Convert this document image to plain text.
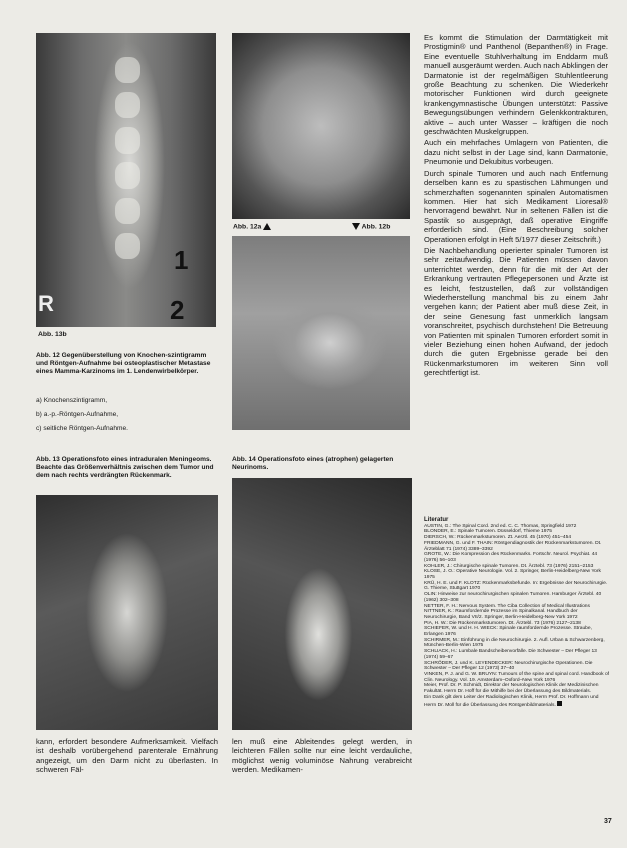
1
2
R
Abb. 13b

Abb. 12 Gegenüberstellung von Knochen-szintigramm und Röntgen-Aufnahme bei osteoplastischer Metastase eines Mamma-Karzinoms im 1. Lendenwirbelkörper.

a) Knochenszintigramm,

b) a.-p.-Röntgen-Aufnahme,

c) seitliche Röntgen-Aufnahme.

Abb. 13 Operationsfoto eines intraduralen Meningeoms. Beachte das Größenverhältnis zwischen dem Tumor und dem nach rechts verdrängten Rückenmark.

Abb. 12a	Abb. 12b

Abb. 14 Operationsfoto eines (atrophen) gelagerten Neurinoms.

kann, erfordert besondere Aufmerksamkeit. Vielfach ist deshalb vorübergehend parenterale Ernährung angezeigt, um den Darm nicht zu überlasten. In schweren Fäl-
len muß eine Ableitendes gelegt werden, in leichteren Fällen sollte nur eine leicht verdauliche, möglichst wenig voluminöse Nahrung verabreicht werden. Medikamen-

Es kommt die Stimulation der Darmtätigkeit mit Prostigmin® und Panthenol (Bepanthen®) in Frage. Eine eventuelle Stuhlverhaltung im Enddarm muß manuell ausgeräumt werden. Auch nach Abklingen der Darmatonie ist der regelmäßigen Stuhlentleerung große Beachtung zu schenken. Die Wiederkehr motorischer Funktionen wird durch geeignete krankengymnastische Übungen unterstützt: Passive Bewegungsübungen verhindern Gelenkkontrakturen, aktive – auch unter Wasser – kräftigen die noch geschwächten Muskelgruppen.

Auch ein mehrfaches Umlagern von Patienten, die dazu nicht selbst in der Lage sind, kann Darmatonie, Pneumonie und Dekubitus vorbeugen.

Durch spinale Tumoren und auch nach Entfernung derselben kann es zu spastischen Lähmungen und schmerzhaften sogenannten spinalen Automatismen kommen. Hier hat sich Medikament Lioresal® hervorragend bewährt. Nur in seltenen Fällen ist die Spastik so ausgeprägt, daß operative Eingriffe erforderlich sind. (Eine Beschreibung solcher Operationen erfolgt in Heft 5/1977 dieser Zeitschrift.)

Die Nachbehandlung operierter spinaler Tumoren ist sehr zeitaufwendig. Die Patienten müssen davon unterrichtet werden, denn für die mit der Art der Erkrankung vertrauten Pflegepersonen und Ärzte ist es leicht, festzustellen, daß zur vollständigen Wiederherstellung manchmal bis zu einem Jahr vergehen kann; der Patient aber muß diese Zeit, in der seine Genesung fast unmerklich langsam voranschreitet, psychisch durchstehen! Die Betreuung von Patienten mit spinalen Tumoren erfordert somit in vieler Beziehung einen hohen Aufwand, der jedoch durch die guten Ergebnisse gerade bei den Rückenmarkstumoren im weiteren Sinn voll gerechtfertigt ist.

Literatur
AUSTIN, G.: The Spinal Cord. 2nd ed. C. C. Thomas, Springfield 1972
BLONDER, E.: Spinale Tumoren. Düsseldorf, Thieme 1975
DIERSCH, W.: Rückenmarkstumoren. Zt. Aerztl. 45 (1970) 451–454
FRIEDMANN, G. und F. THAIN: Röntgendiagnostik der Rückenmarkstumoren. Dt. Ärzteblatt 71 (1974) 3389–3392
GROTE, W.: Die Kompression des Rückenmarks. Fortschr. Neurol. Psychiat. 44 (1976) 56–103
KOHLER, J.: Chirurgische spinale Tumoren. Dt. Ärztebl. 73 (1976) 2151–2153
KLOSE, J. O.: Operative Neurologie. Vol. 2. Springer, Berlin-Heidelberg-New York 1975
KRÜ, H. E. und F. KLOTZ: Rückenmarksbefunde. In: Ergebnisse der Neurochirurgie. G. Thieme, Stuttgart 1970
OLIN: Hinweise zur neurochirurgischen spinalen Tumoren. Hamburger Ärztebl. 40 (1962) 302–308
NETTER, F. H.: Nervous System. The Ciba Collection of Medical Illustrations
NITTNER, K.: Raumfordernde Prozesse im Spinalkanal. Handbuch der Neurochirurgie, Band VII/2. Springer, Berlin-Heidelberg-New York 1972
PIA, H. W.: Die Rückenmarkstumoren. Dt. Ärztebl. 73 (1976) 2127–2138
SCHIEFER, W. und H. H. WIECK: Spinale raumfordernde Prozesse. Straube, Erlangen 1976
SCHIRMER, M.: Einführung in die Neurochirurgie. 2. Aufl. Urban & Schwarzenberg, München-Berlin-Wien 1975
SCHLIACK, H.: Lumbale Bandscheibenvorfälle. Die Schwester – Der Pfleger 13 (1974) 59–67
SCHRÖDER, J. und K. LEYENDECKER: Neurochirurgische Operationen. Die Schwester – Der Pfleger 12 (1973) 37–40
VINKEN, P. J. and G. W. BRUYN: Tumours of the spine and spinal cord. Handbook of Clin. Neurology. Vol. 19. Amsterdam–Oxford–New York 1976
Meier, Prof. Dr. P. Schmidt, Direktor der Neurologischen Klinik der Medizinischen Fakultät. Herrn Dr. Hoff für die Mithilfe bei der Überlassung des Bildmaterials.
Ein Dank gilt dem Leiter der Radiologischen Klinik, Herrn Prof. Dr. Hoffmann und Herrn Dr. Moll für die Überlassung des Röntgenbildmaterials.
37
